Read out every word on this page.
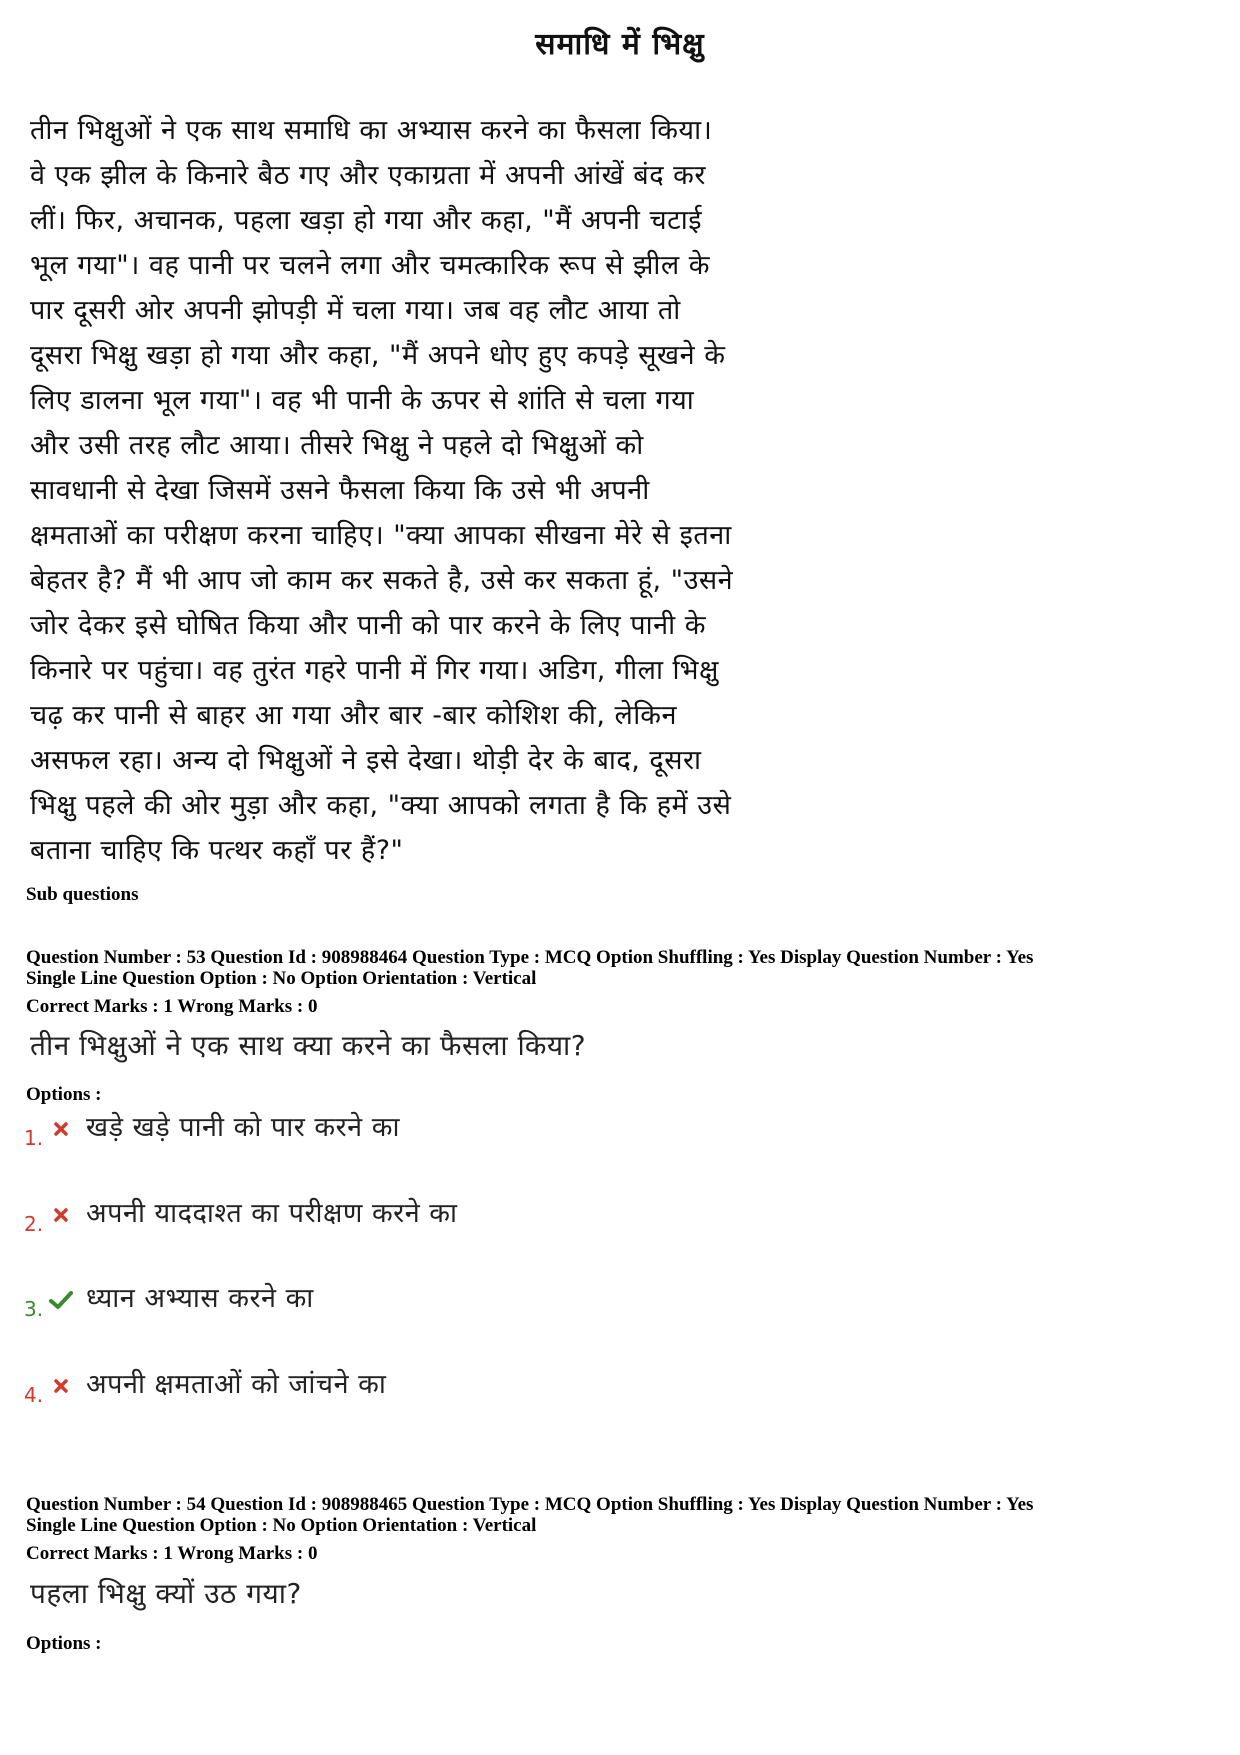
समाधि में भिक्षु
तीन भिक्षुओं ने एक साथ समाधि का अभ्यास करने का फैसला किया।
वे एक झील के किनारे बैठ गए और एकाग्रता में अपनी आंखें बंद कर
लीं। फिर, अचानक, पहला खड़ा हो गया और कहा, "मैं अपनी चटाई
भूल गया"। वह पानी पर चलने लगा और चमत्कारिक रूप से झील के
पार दूसरी ओर अपनी झोपड़ी में चला गया। जब वह लौट आया तो
दूसरा भिक्षु खड़ा हो गया और कहा, "मैं अपने धोए हुए कपड़े सूखने के
लिए डालना भूल गया"। वह भी पानी के ऊपर से शांति से चला गया
और उसी तरह लौट आया। तीसरे भिक्षु ने पहले दो भिक्षुओं को
सावधानी से देखा जिसमें उसने फैसला किया कि उसे भी अपनी
क्षमताओं का परीक्षण करना चाहिए। "क्या आपका सीखना मेरे से इतना
बेहतर है? मैं भी आप जो काम कर सकते है, उसे कर सकता हूं, "उसने
जोर देकर इसे घोषित किया और पानी को पार करने के लिए पानी के
किनारे पर पहुंचा। वह तुरंत गहरे पानी में गिर गया। अडिग, गीला भिक्षु
चढ़ कर पानी से बाहर आ गया और बार -बार कोशिश की, लेकिन
असफल रहा। अन्य दो भिक्षुओं ने इसे देखा। थोड़ी देर के बाद, दूसरा
भिक्षु पहले की ओर मुड़ा और कहा, "क्या आपको लगता है कि हमें उसे
बताना चाहिए कि पत्थर कहाँ पर हैं?"
Sub questions
Question Number : 53 Question Id : 908988464 Question Type : MCQ Option Shuffling : Yes Display Question Number : Yes
Single Line Question Option : No Option Orientation : Vertical
Correct Marks : 1 Wrong Marks : 0
तीन भिक्षुओं ने एक साथ क्या करने का फैसला किया?
Options :
1. खड़े खड़े पानी को पार करने का
2. अपनी याददाश्त का परीक्षण करने का
3. ध्यान अभ्यास करने का
4. अपनी क्षमताओं को जांचने का
Question Number : 54 Question Id : 908988465 Question Type : MCQ Option Shuffling : Yes Display Question Number : Yes
Single Line Question Option : No Option Orientation : Vertical
Correct Marks : 1 Wrong Marks : 0
पहला भिक्षु क्यों उठ गया?
Options :
